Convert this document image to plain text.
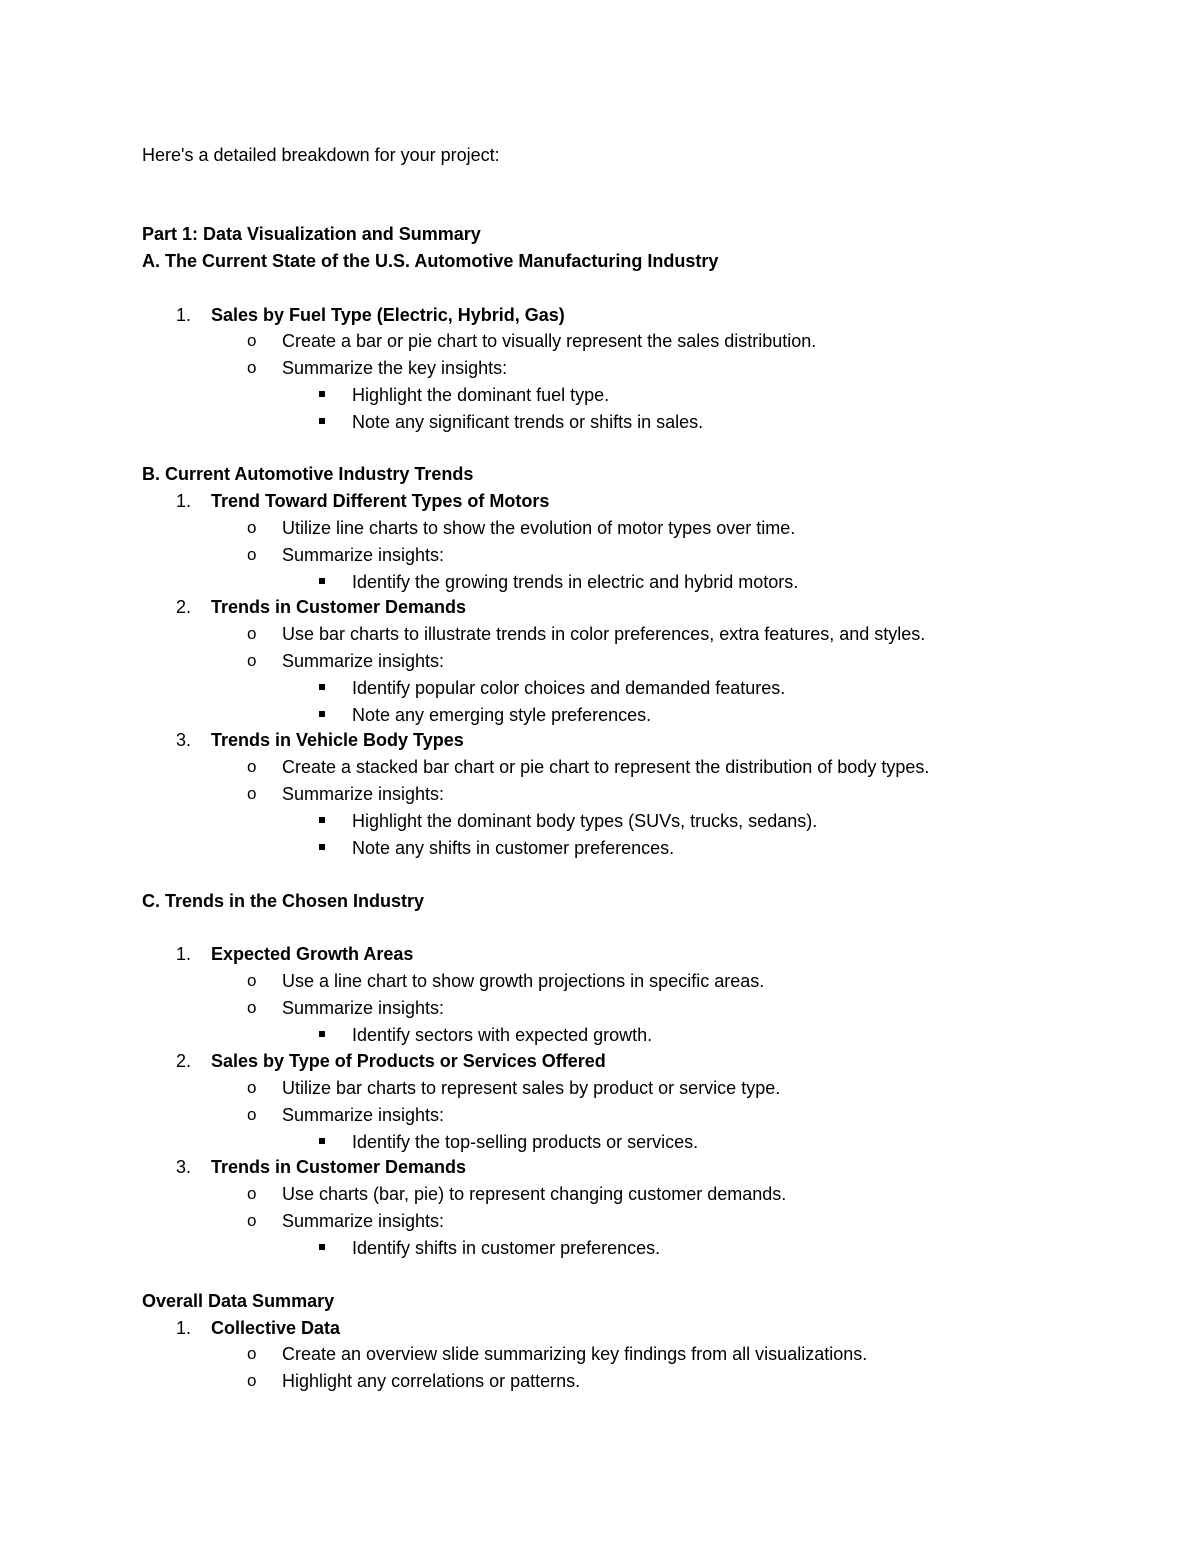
Here's a detailed breakdown for your project:
Part 1: Data Visualization and Summary
A. The Current State of the U.S. Automotive Manufacturing Industry
1. Sales by Fuel Type (Electric, Hybrid, Gas)
o Create a bar or pie chart to visually represent the sales distribution.
o Summarize the key insights:
Highlight the dominant fuel type.
Note any significant trends or shifts in sales.
B. Current Automotive Industry Trends
1. Trend Toward Different Types of Motors
o Utilize line charts to show the evolution of motor types over time.
o Summarize insights:
Identify the growing trends in electric and hybrid motors.
2. Trends in Customer Demands
o Use bar charts to illustrate trends in color preferences, extra features, and styles.
o Summarize insights:
Identify popular color choices and demanded features.
Note any emerging style preferences.
3. Trends in Vehicle Body Types
o Create a stacked bar chart or pie chart to represent the distribution of body types.
o Summarize insights:
Highlight the dominant body types (SUVs, trucks, sedans).
Note any shifts in customer preferences.
C. Trends in the Chosen Industry
1. Expected Growth Areas
o Use a line chart to show growth projections in specific areas.
o Summarize insights:
Identify sectors with expected growth.
2. Sales by Type of Products or Services Offered
o Utilize bar charts to represent sales by product or service type.
o Summarize insights:
Identify the top-selling products or services.
3. Trends in Customer Demands
o Use charts (bar, pie) to represent changing customer demands.
o Summarize insights:
Identify shifts in customer preferences.
Overall Data Summary
1. Collective Data
o Create an overview slide summarizing key findings from all visualizations.
o Highlight any correlations or patterns.
